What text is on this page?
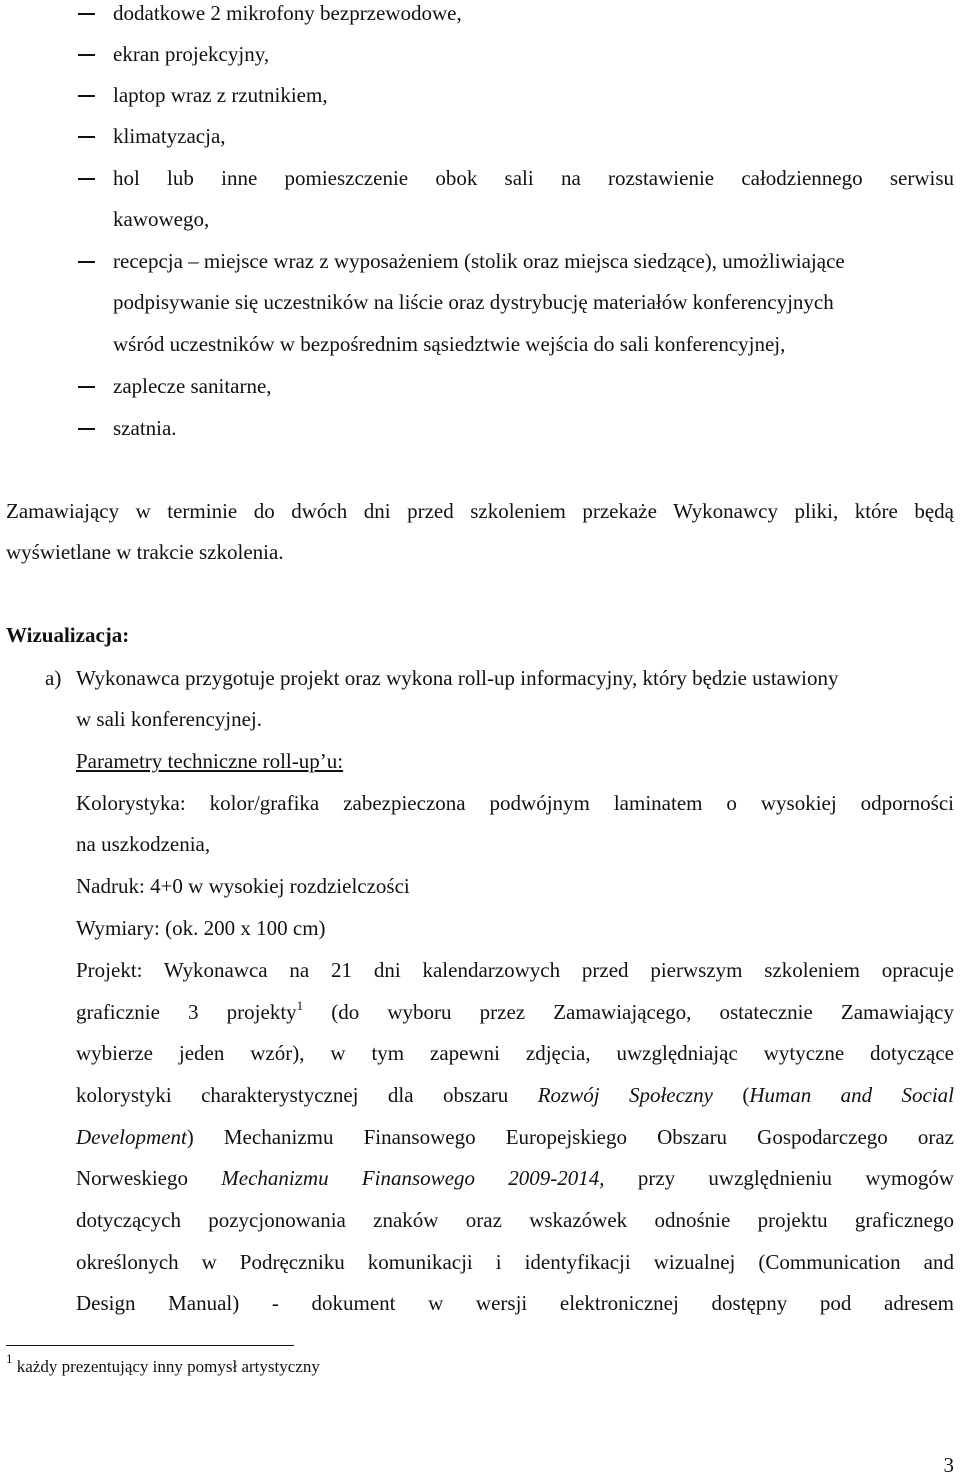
dodatkowe 2 mikrofony bezprzewodowe,
ekran projekcyjny,
laptop wraz z rzutnikiem,
klimatyzacja,
hol lub inne pomieszczenie obok sali na rozstawienie całodziennego serwisu
kawowego,
recepcja – miejsce wraz z wyposażeniem (stolik oraz miejsca siedzące), umożliwiające
podpisywanie się uczestników na liście oraz dystrybucję materiałów konferencyjnych
wśród uczestników w bezpośrednim sąsiedztwie wejścia do sali konferencyjnej,
zaplecze sanitarne,
szatnia.
Zamawiający w terminie do dwóch dni przed szkoleniem przekaże Wykonawcy pliki, które będą
wyświetlane w trakcie szkolenia.
Wizualizacja:
a) Wykonawca przygotuje projekt oraz wykona roll-up informacyjny, który będzie ustawiony
w sali konferencyjnej.
Parametry techniczne roll-up’u:
Kolorystyka: kolor/grafika zabezpieczona podwójnym laminatem o wysokiej odporności
na uszkodzenia,
Nadruk: 4+0 w wysokiej rozdzielczości
Wymiary: (ok. 200 x 100 cm)
Projekt: Wykonawca na 21 dni kalendarzowych przed pierwszym szkoleniem opracuje
graficznie 3 projekty$^1$ (do wyboru przez Zamawiającego, ostatecznie Zamawiający
wybierze jeden wzór), w tym zapewni zdjęcia, uwzględniając wytyczne dotyczące
kolorystyki charakterystycznej dla obszaru Rozwój Społeczny (Human and Social
Development) Mechanizmu Finansowego Europejskiego Obszaru Gospodarczego oraz
Norweskiego Mechanizmu Finansowego 2009-2014, przy uwzględnieniu wymogów
dotyczących pozycjonowania znaków oraz wskazówek odnośnie projektu graficznego
określonych w Podręczniku komunikacji i identyfikacji wizualnej (Communication and
Design Manual) - dokument w wersji elektronicznej dostępny pod adresem
$^1$ każdy prezentujący inny pomysł artystyczny
3
